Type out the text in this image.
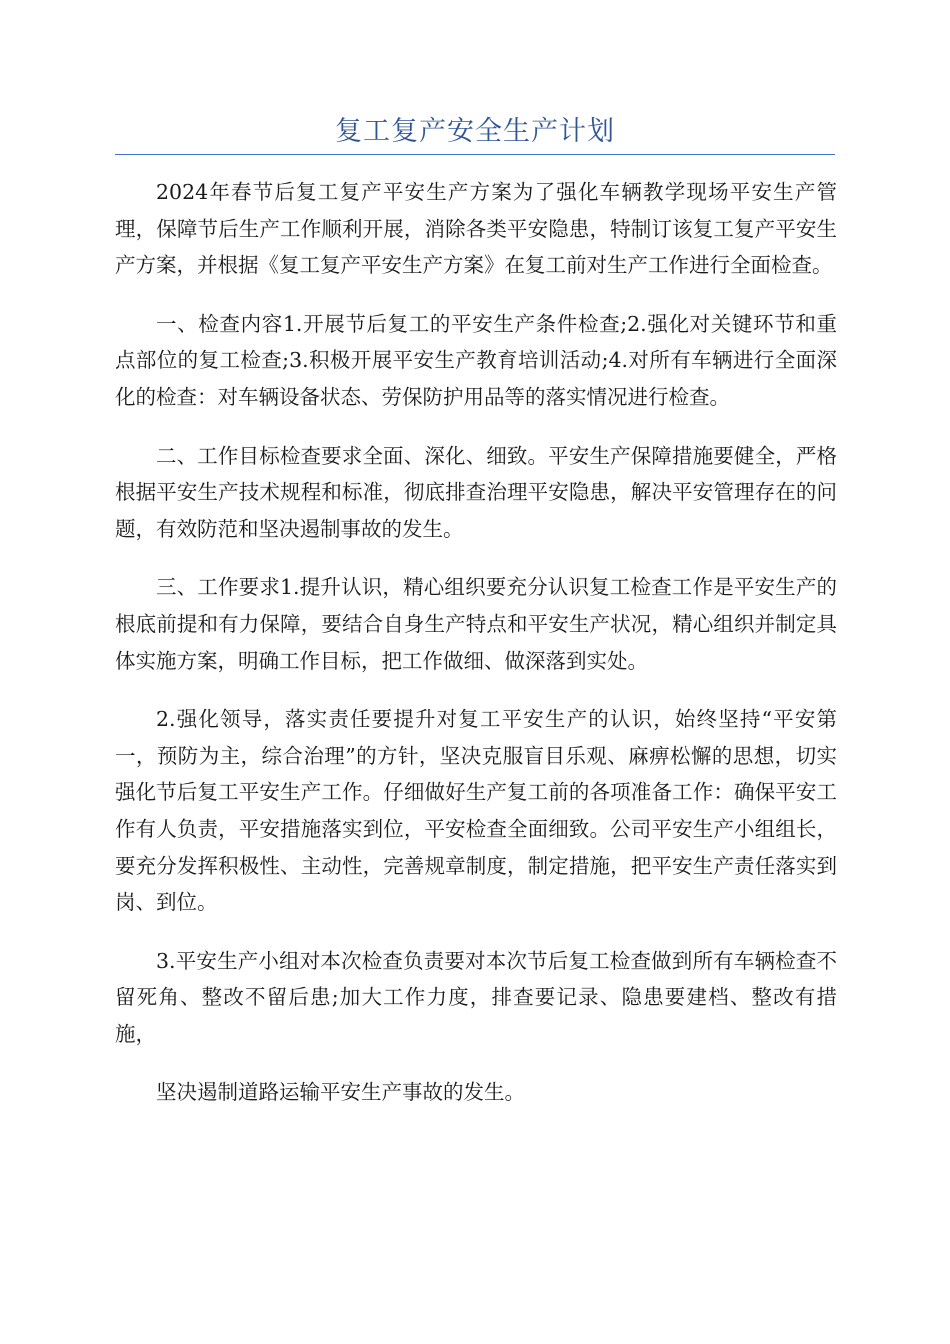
复工复产安全生产计划

2024年春节后复工复产平安生产方案为了强化车辆教学现场平安生产管理，保障节后生产工作顺利开展，消除各类平安隐患，特制订该复工复产平安生产方案，并根据《复工复产平安生产方案》在复工前对生产工作进行全面检查。

一、检查内容1.开展节后复工的平安生产条件检查;2.强化对关键环节和重点部位的复工检查;3.积极开展平安生产教育培训活动;4.对所有车辆进行全面深化的检查：对车辆设备状态、劳保防护用品等的落实情况进行检查。

二、工作目标检查要求全面、深化、细致。平安生产保障措施要健全，严格根据平安生产技术规程和标准，彻底排查治理平安隐患，解决平安管理存在的问题，有效防范和坚决遏制事故的发生。

三、工作要求1.提升认识，精心组织要充分认识复工检查工作是平安生产的根底前提和有力保障，要结合自身生产特点和平安生产状况，精心组织并制定具体实施方案，明确工作目标，把工作做细、做深落到实处。

2.强化领导，落实责任要提升对复工平安生产的认识，始终坚持“平安第一，预防为主，综合治理”的方针，坚决克服盲目乐观、麻痹松懈的思想，切实强化节后复工平安生产工作。仔细做好生产复工前的各项准备工作：确保平安工作有人负责，平安措施落实到位，平安检查全面细致。公司平安生产小组组长，要充分发挥积极性、主动性，完善规章制度，制定措施，把平安生产责任落实到岗、到位。

3.平安生产小组对本次检查负责要对本次节后复工检查做到所有车辆检查不留死角、整改不留后患;加大工作力度，排查要记录、隐患要建档、整改有措施，

坚决遏制道路运输平安生产事故的发生。
